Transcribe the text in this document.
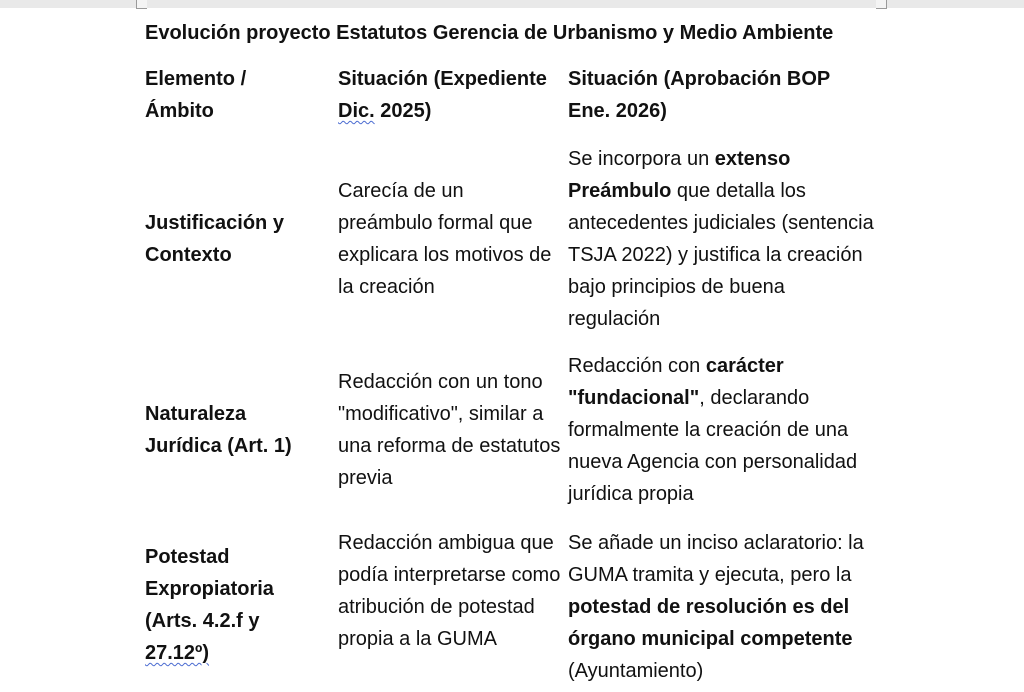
Evolución proyecto Estatutos Gerencia de Urbanismo y Medio Ambiente
Elemento /
Ámbito
Situación (Expediente
Dic. 2025)
Situación (Aprobación BOP
Ene. 2026)
Justificación y
Contexto
Carecía de un preámbulo formal que explicara los motivos de la creación
Se incorpora un extenso Preámbulo que detalla los antecedentes judiciales (sentencia TSJA 2022) y justifica la creación bajo principios de buena regulación
Naturaleza
Jurídica (Art. 1)
Redacción con un tono "modificativo", similar a una reforma de estatutos previa
Redacción con carácter "fundacional", declarando formalmente la creación de una nueva Agencia con personalidad jurídica propia
Potestad
Expropiatoria
(Arts. 4.2.f y
27.12º)
Redacción ambigua que podía interpretarse como atribución de potestad propia a la GUMA
Se añade un inciso aclaratorio: la GUMA tramita y ejecuta, pero la potestad de resolución es del órgano municipal competente (Ayuntamiento)
